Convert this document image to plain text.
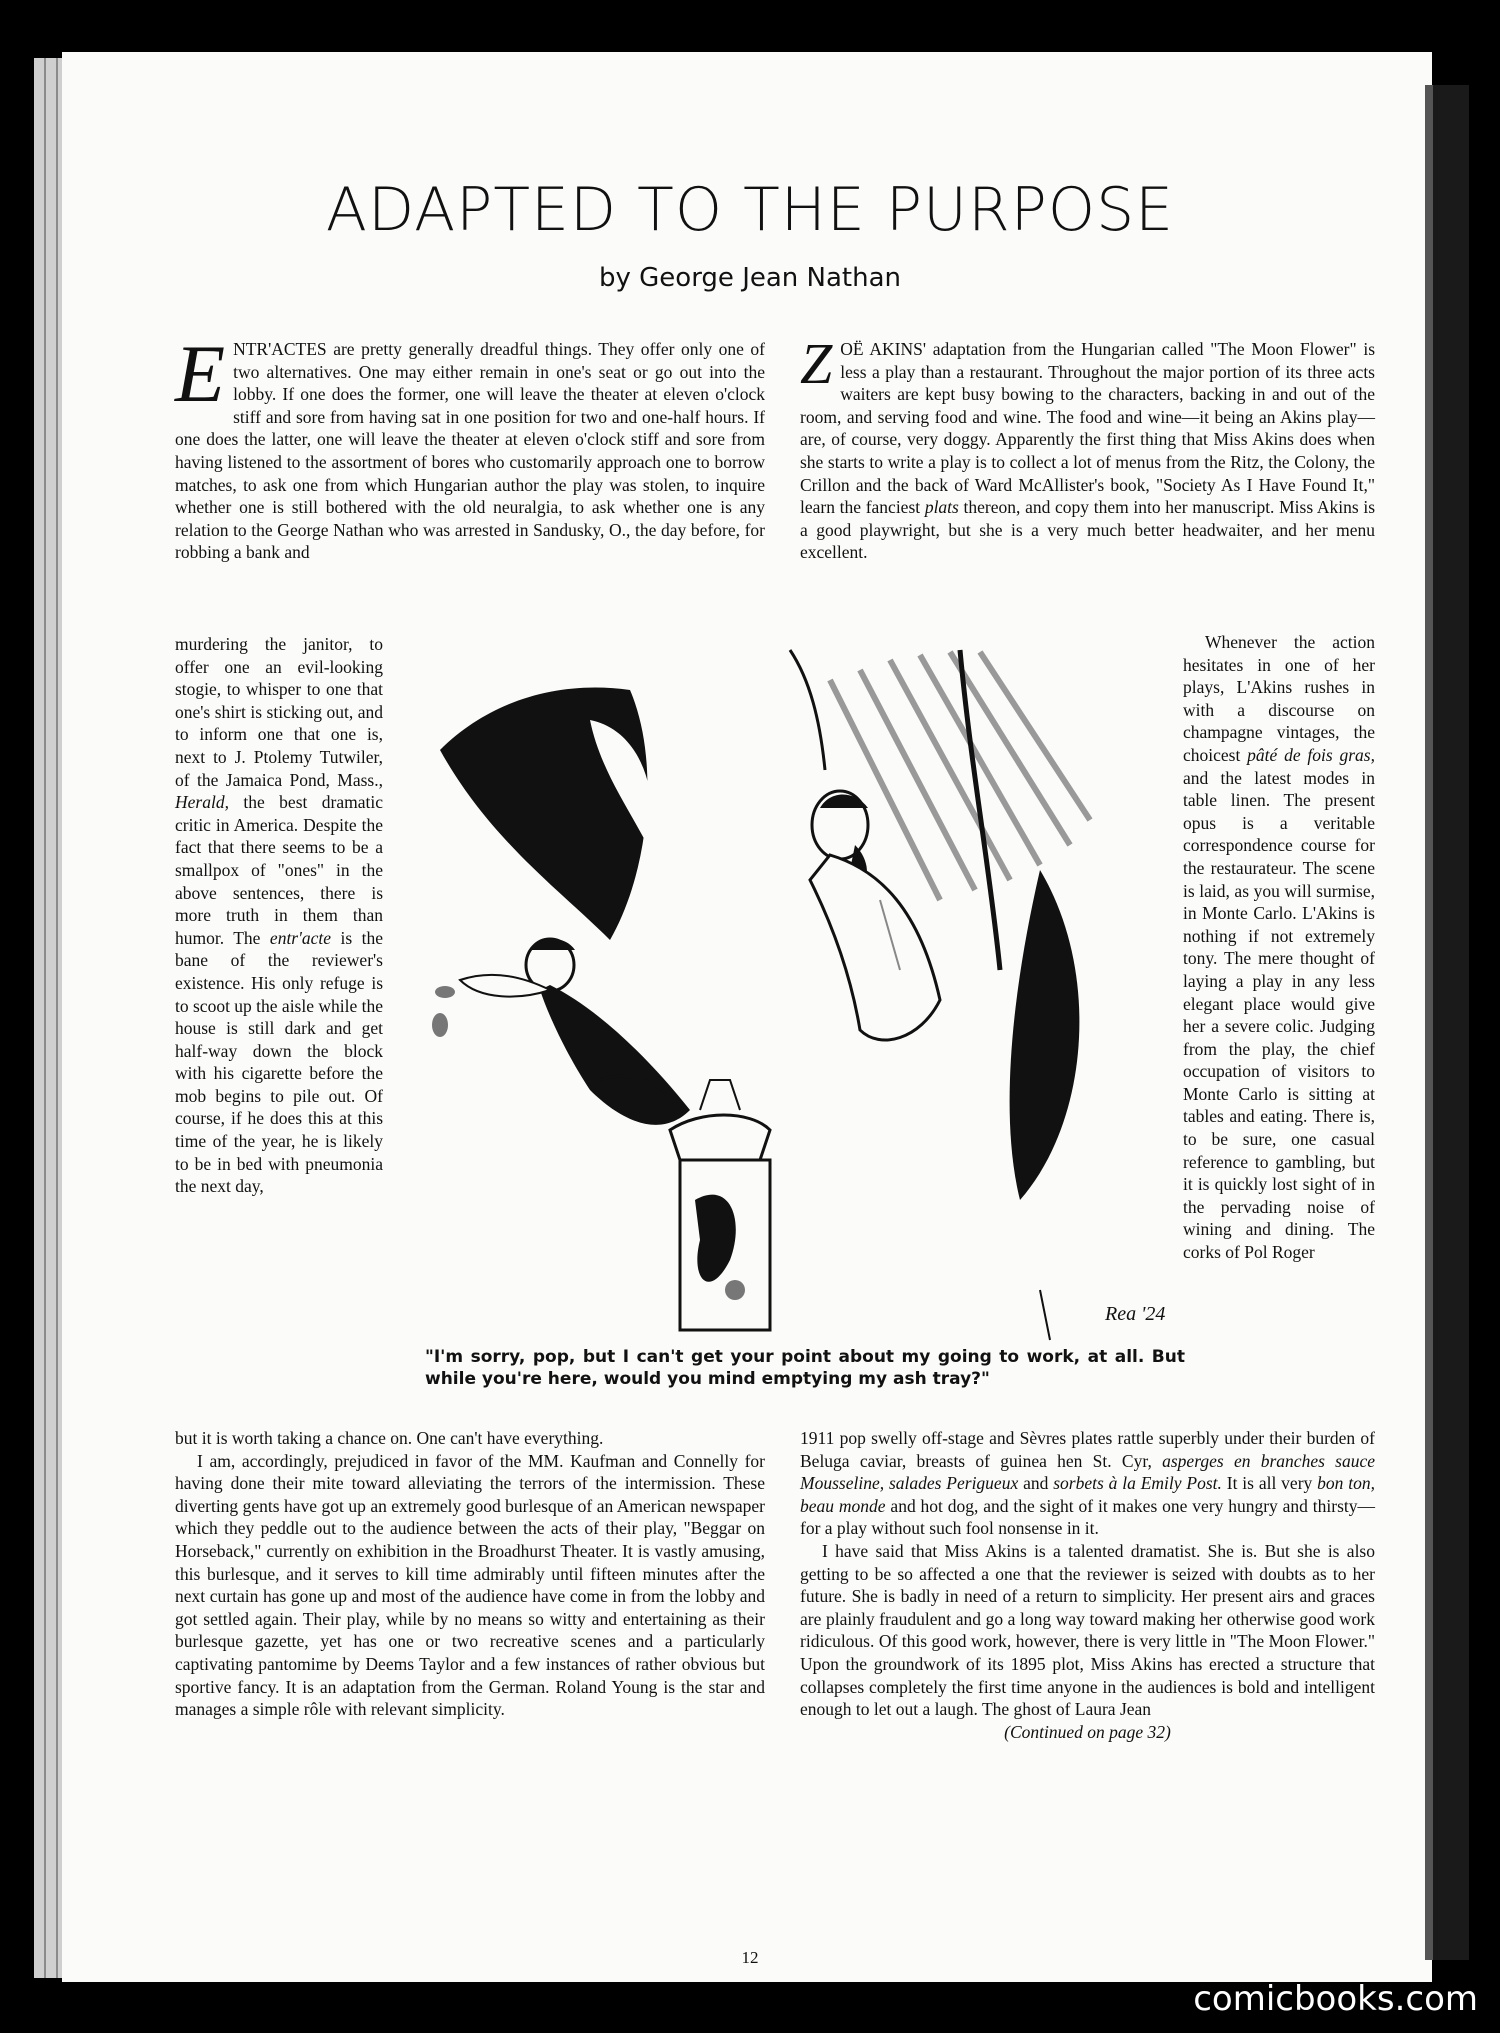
ADAPTED TO THE PURPOSE

by George Jean Nathan

ENTR'ACTES are pretty generally dreadful things. They offer only one of two alternatives. One may either remain in one's seat or go out into the lobby. If one does the former, one will leave the theater at eleven o'clock stiff and sore from having sat in one position for two and one-half hours. If one does the latter, one will leave the theater at eleven o'clock stiff and sore from having listened to the assortment of bores who customarily approach one to borrow matches, to ask one from which Hungarian author the play was stolen, to inquire whether one is still bothered with the old neuralgia, to ask whether one is any relation to the George Nathan who was arrested in Sandusky, O., the day before, for robbing a bank and

murdering the janitor, to offer one an evil-looking stogie, to whisper to one that one's shirt is sticking out, and to inform one that one is, next to J. Ptolemy Tutwiler, of the Jamaica Pond, Mass., Herald, the best dramatic critic in America. Despite the fact that there seems to be a smallpox of "ones" in the above sentences, there is more truth in them than humor. The entr'acte is the bane of the reviewer's existence. His only refuge is to scoot up the aisle while the house is still dark and get half-way down the block with his cigarette before the mob begins to pile out. Of course, if he does this at this time of the year, he is likely to be in bed with pneumonia the next day,

but it is worth taking a chance on. One can't have everything.

I am, accordingly, prejudiced in favor of the MM. Kaufman and Connelly for having done their mite toward alleviating the terrors of the intermission. These diverting gents have got up an extremely good burlesque of an American newspaper which they peddle out to the audience between the acts of their play, "Beggar on Horseback," currently on exhibition in the Broadhurst Theater. It is vastly amusing, this burlesque, and it serves to kill time admirably until fifteen minutes after the next curtain has gone up and most of the audience have come in from the lobby and got settled again. Their play, while by no means so witty and entertaining as their burlesque gazette, yet has one or two recreative scenes and a particularly captivating pantomime by Deems Taylor and a few instances of rather obvious but sportive fancy. It is an adaptation from the German. Roland Young is the star and manages a simple rôle with relevant simplicity.

ZOË AKINS' adaptation from the Hungarian called "The Moon Flower" is less a play than a restaurant. Throughout the major portion of its three acts waiters are kept busy bowing to the characters, backing in and out of the room, and serving food and wine. The food and wine—it being an Akins play—are, of course, very doggy. Apparently the first thing that Miss Akins does when she starts to write a play is to collect a lot of menus from the Ritz, the Colony, the Crillon and the back of Ward McAllister's book, "Society As I Have Found It," learn the fanciest plats thereon, and copy them into her manuscript. Miss Akins is a good playwright, but she is a very much better headwaiter, and her menu excellent.

Whenever the action hesitates in one of her plays, L'Akins rushes in with a discourse on champagne vintages, the choicest pâté de fois gras, and the latest modes in table linen. The present opus is a veritable correspondence course for the restaurateur. The scene is laid, as you will surmise, in Monte Carlo. L'Akins is nothing if not extremely tony. The mere thought of laying a play in any less elegant place would give her a severe colic. Judging from the play, the chief occupation of visitors to Monte Carlo is sitting at tables and eating. There is, to be sure, one casual reference to gambling, but it is quickly lost sight of in the pervading noise of wining and dining. The corks of Pol Roger

1911 pop swelly off-stage and Sèvres plates rattle superbly under their burden of Beluga caviar, breasts of guinea hen St. Cyr, asperges en branches sauce Mousseline, salades Perigueux and sorbets à la Emily Post. It is all very bon ton, beau monde and hot dog, and the sight of it makes one very hungry and thirsty—for a play without such fool nonsense in it.

I have said that Miss Akins is a talented dramatist. She is. But she is also getting to be so affected a one that the reviewer is seized with doubts as to her future. She is badly in need of a return to simplicity. Her present airs and graces are plainly fraudulent and go a long way toward making her otherwise good work ridiculous. Of this good work, however, there is very little in "The Moon Flower." Upon the groundwork of its 1895 plot, Miss Akins has erected a structure that collapses completely the first time anyone in the audiences is bold and intelligent enough to let out a laugh. The ghost of Laura Jean

(Continued on page 32)

Rea '24

"I'm sorry, pop, but I can't get your point about my going to work, at all. But while you're here, would you mind emptying my ash tray?"

12

comicbooks.com
